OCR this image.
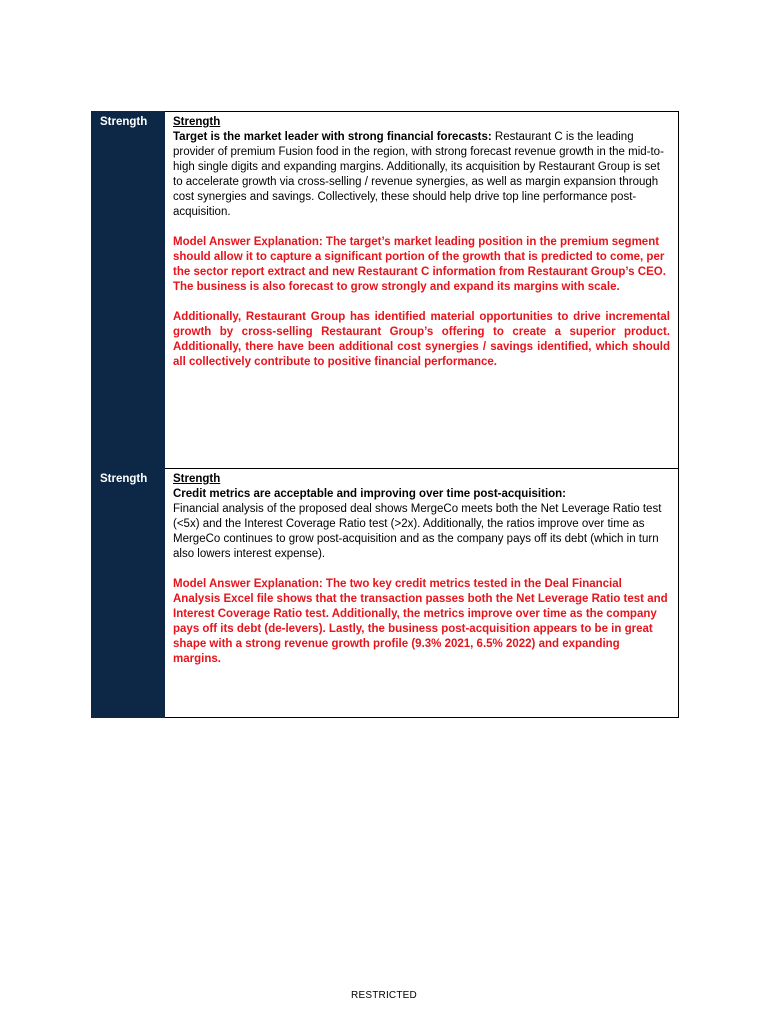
Strength	Strength

Target is the market leader with strong financial forecasts: Restaurant C is the leading provider of premium Fusion food in the region, with strong forecast revenue growth in the mid-to-high single digits and expanding margins. Additionally, its acquisition by Restaurant Group is set to accelerate growth via cross-selling / revenue synergies, as well as margin expansion through cost synergies and savings. Collectively, these should help drive top line performance post-acquisition.

Model Answer Explanation: The target’s market leading position in the premium segment should allow it to capture a significant portion of the growth that is predicted to come, per the sector report extract and new Restaurant C information from Restaurant Group’s CEO. The business is also forecast to grow strongly and expand its margins with scale.

Additionally, Restaurant Group has identified material opportunities to drive incremental growth by cross-selling Restaurant Group’s offering to create a superior product. Additionally, there have been additional cost synergies / savings identified, which should all collectively contribute to positive financial performance.

Strength	Strength
Credit metrics are acceptable and improving over time post-acquisition:

Financial analysis of the proposed deal shows MergeCo meets both the Net Leverage Ratio test (<5x) and the Interest Coverage Ratio test (>2x). Additionally, the ratios improve over time as MergeCo continues to grow post-acquisition and as the company pays off its debt (which in turn also lowers interest expense).

Model Answer Explanation: The two key credit metrics tested in the Deal Financial Analysis Excel file shows that the transaction passes both the Net Leverage Ratio test and Interest Coverage Ratio test. Additionally, the metrics improve over time as the company pays off its debt (de-levers). Lastly, the business post-acquisition appears to be in great shape with a strong revenue growth profile (9.3% 2021, 6.5% 2022) and expanding margins.

RESTRICTED
